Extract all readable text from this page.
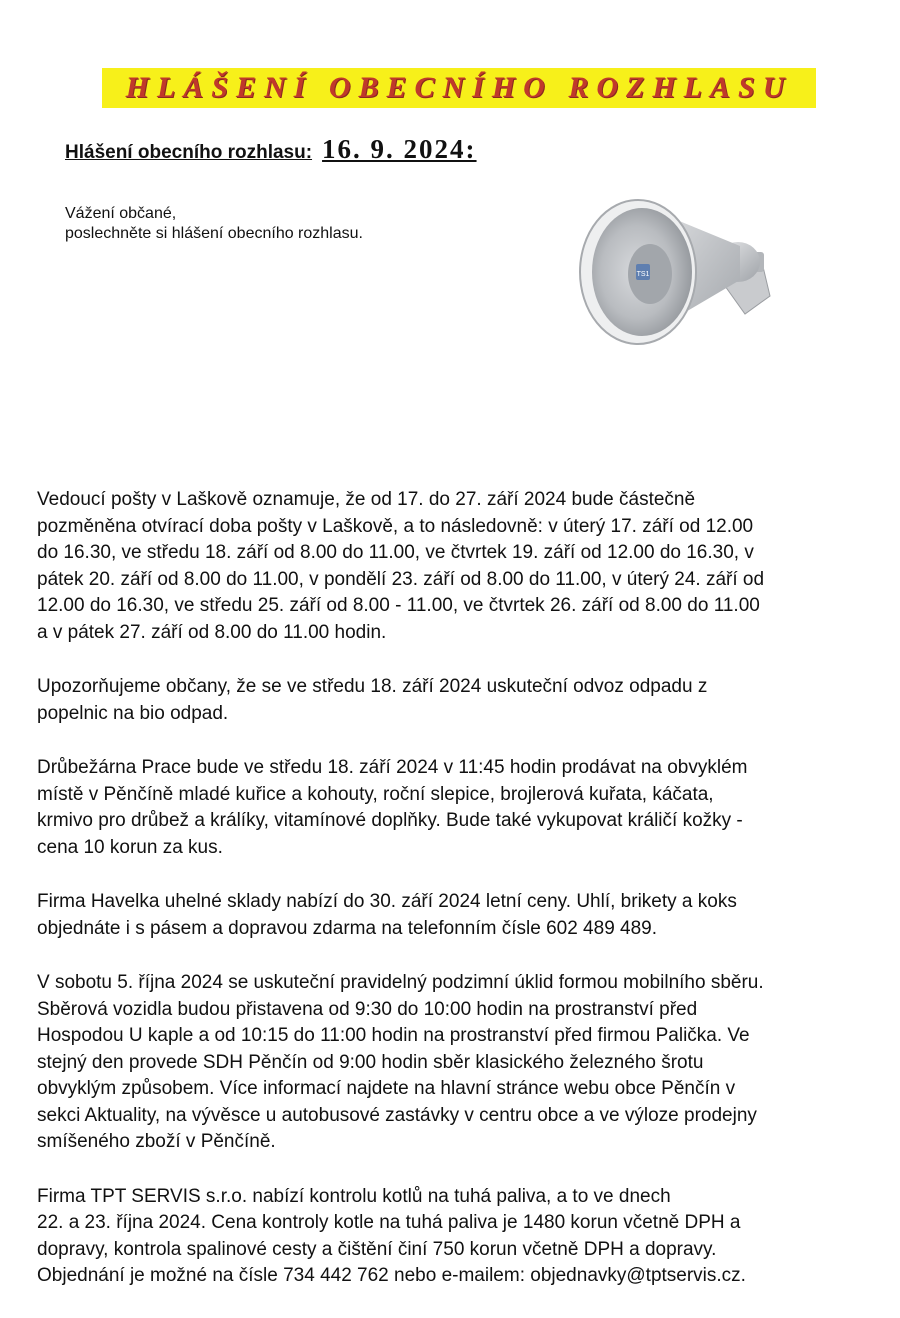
HLÁŠENÍ OBECNÍHO ROZHLASU
Hlášení obecního rozhlasu: 16. 9. 2024:
Vážení občané,
poslechněte si hlášení obecního rozhlasu.
TS1

Vedoucí pošty v Laškově oznamuje, že od 17. do 27. září 2024 bude částečně
pozměněna otvírací doba pošty v Laškově, a to následovně: v úterý 17. září od 12.00
do 16.30, ve středu 18. září od 8.00 do 11.00, ve čtvrtek 19. září od 12.00 do 16.30, v
pátek 20. září od 8.00 do 11.00, v pondělí 23. září od 8.00 do 11.00, v úterý 24. září od
12.00 do 16.30, ve středu 25. září od 8.00 - 11.00, ve čtvrtek 26. září od 8.00 do 11.00
a v pátek 27. září od 8.00 do 11.00 hodin.

Upozorňujeme občany, že se ve středu 18. září 2024 uskuteční odvoz odpadu z
popelnic na bio odpad.

Drůbežárna Prace bude ve středu 18. září 2024 v 11:45 hodin prodávat na obvyklém
místě v Pěnčíně mladé kuřice a kohouty, roční slepice, brojlerová kuřata, káčata,
krmivo pro drůbež a králíky, vitamínové doplňky. Bude také vykupovat králičí kožky -
cena 10 korun za kus.

Firma Havelka uhelné sklady nabízí do 30. září 2024 letní ceny. Uhlí, brikety a koks
objednáte i s pásem a dopravou zdarma na telefonním čísle 602 489 489.

V sobotu 5. října 2024 se uskuteční pravidelný podzimní úklid formou mobilního sběru.
Sběrová vozidla budou přistavena od 9:30 do 10:00 hodin na prostranství před
Hospodou U kaple a od 10:15 do 11:00 hodin na prostranství před firmou Palička. Ve
stejný den provede SDH Pěnčín od 9:00 hodin sběr klasického železného šrotu
obvyklým způsobem. Více informací najdete na hlavní stránce webu obce Pěnčín v
sekci Aktuality, na vývěsce u autobusové zastávky v centru obce a ve výloze prodejny
smíšeného zboží v Pěnčíně.

Firma TPT SERVIS s.r.o. nabízí kontrolu kotlů na tuhá paliva, a to ve dnech
22. a 23. října 2024. Cena kontroly kotle na tuhá paliva je 1480 korun včetně DPH a
dopravy, kontrola spalinové cesty a čištění činí 750 korun včetně DPH a dopravy.
Objednání je možné na čísle 734 442 762 nebo e-mailem: objednavky@tptservis.cz.
